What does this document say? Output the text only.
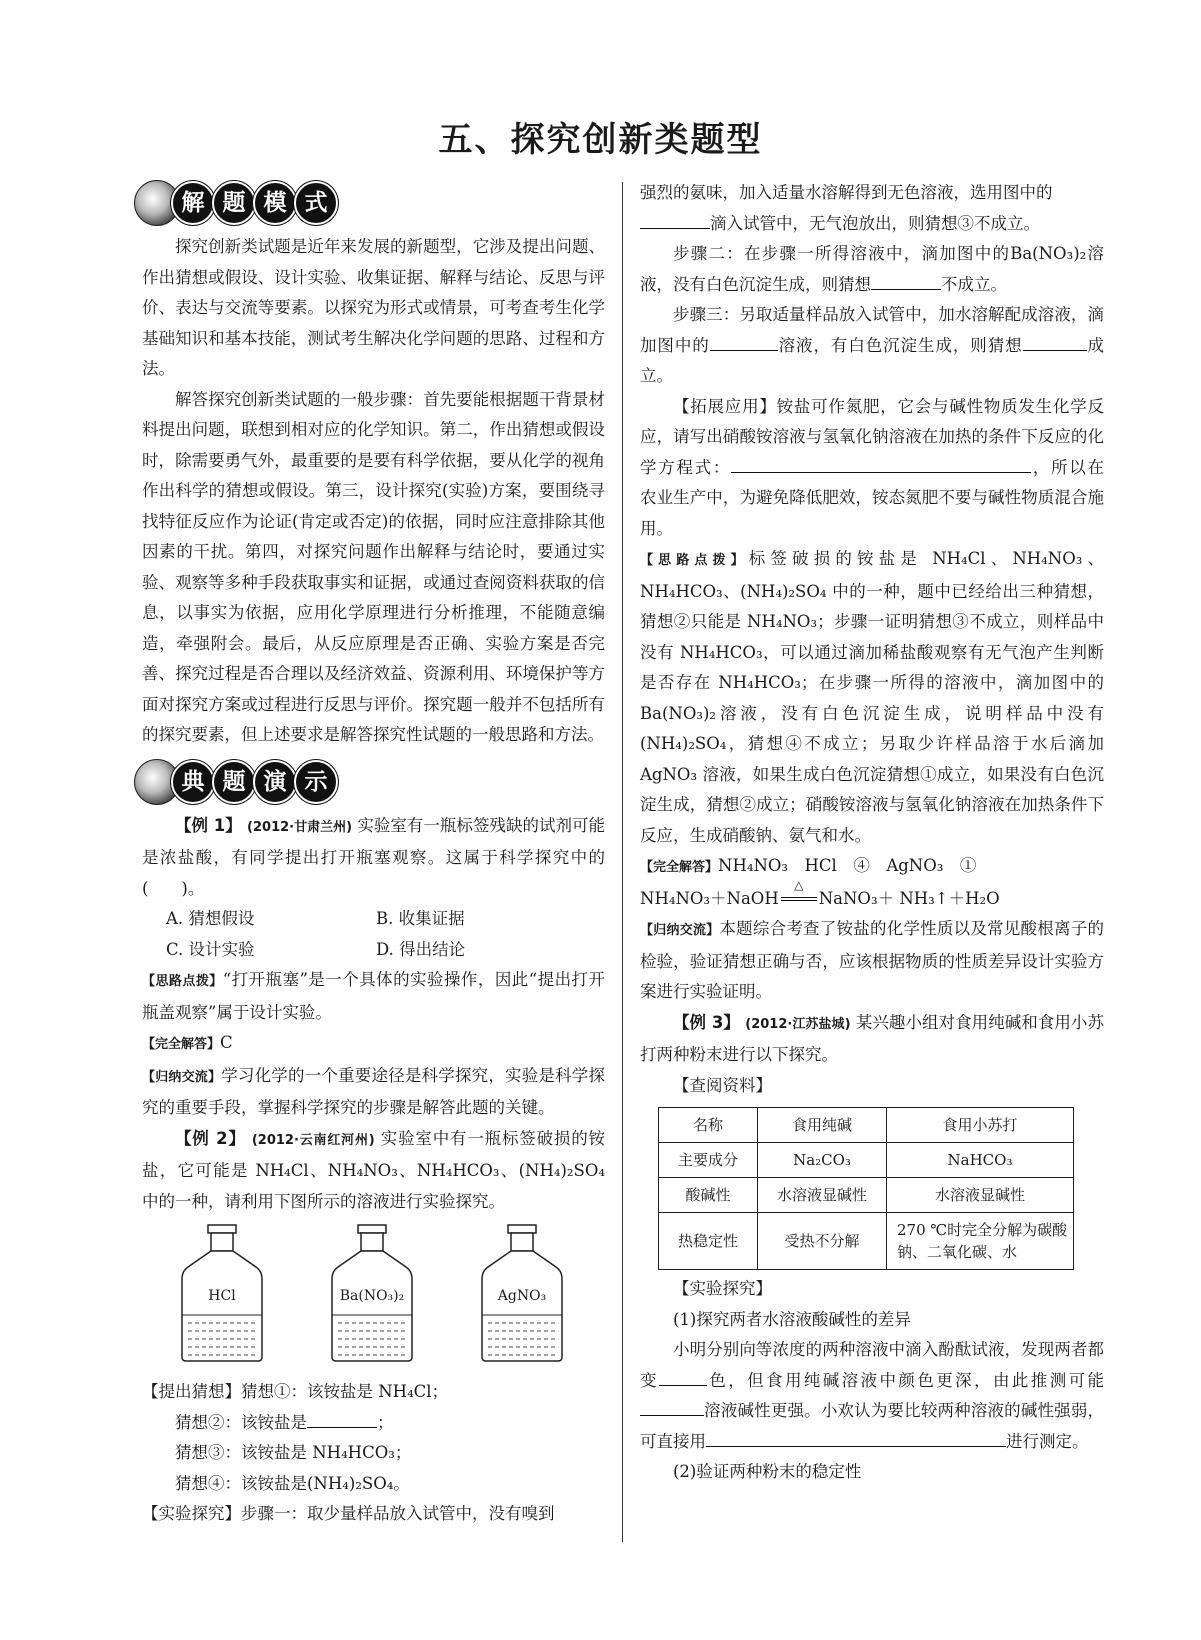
五、探究创新类题型
解 题 模 式

探究创新类试题是近年来发展的新题型，它涉及提出问题、作出猜想或假设、设计实验、收集证据、解释与结论、反思与评价、表达与交流等要素。以探究为形式或情景，可考查考生化学基础知识和基本技能，测试考生解决化学问题的思路、过程和方法。

解答探究创新类试题的一般步骤：首先要能根据题干背景材料提出问题，联想到相对应的化学知识。第二，作出猜想或假设时，除需要勇气外，最重要的是要有科学依据，要从化学的视角作出科学的猜想或假设。第三，设计探究(实验)方案，要围绕寻找特征反应作为论证(肯定或否定)的依据，同时应注意排除其他因素的干扰。第四，对探究问题作出解释与结论时，要通过实验、观察等多种手段获取事实和证据，或通过查阅资料获取的信息，以事实为依据，应用化学原理进行分析推理，不能随意编造，牵强附会。最后，从反应原理是否正确、实验方案是否完善、探究过程是否合理以及经济效益、资源利用、环境保护等方面对探究方案或过程进行反思与评价。探究题一般并不包括所有的探究要素，但上述要求是解答探究性试题的一般思路和方法。

典 题 演 示

【例 1】 (2012·甘肃兰州) 实验室有一瓶标签残缺的试剂可能是浓盐酸，有同学提出打开瓶塞观察。这属于科学探究中的(　　)。

A. 猜想假设	B. 收集证据
C. 设计实验	D. 得出结论

【思路点拨】“打开瓶塞”是一个具体的实验操作，因此“提出打开瓶盖观察”属于设计实验。

【完全解答】C

【归纳交流】学习化学的一个重要途径是科学探究，实验是科学探究的重要手段，掌握科学探究的步骤是解答此题的关键。

【例 2】 (2012·云南红河州) 实验室中有一瓶标签破损的铵盐，它可能是 NH₄Cl、NH₄NO₃、NH₄HCO₃、(NH₄)₂SO₄ 中的一种，请利用下图所示的溶液进行实验探究。

HCl	Ba(NO₃)₂	AgNO₃

【提出猜想】猜想①：该铵盐是 NH₄Cl；

猜想②：该铵盐是	；

猜想③：该铵盐是 NH₄HCO₃；

猜想④：该铵盐是(NH₄)₂SO₄。

【实验探究】步骤一：取少量样品放入试管中，没有嗅到

强烈的氨味，加入适量水溶解得到无色溶液，选用图中的

滴入试管中，无气泡放出，则猜想③不成立。

步骤二：在步骤一所得溶液中，滴加图中的Ba(NO₃)₂溶液，没有白色沉淀生成，则猜想	不成立。

步骤三：另取适量样品放入试管中，加水溶解配成溶液，滴加图中的	溶液，有白色沉淀生成，则猜想	成立。

【拓展应用】铵盐可作氮肥，它会与碱性物质发生化学反应，请写出硝酸铵溶液与氢氧化钠溶液在加热的条件下反应的化学方程式：	，所以在农业生产中，为避免降低肥效，铵态氮肥不要与碱性物质混合施用。

【思路点拨】标签破损的铵盐是 NH₄Cl、NH₄NO₃、NH₄HCO₃、(NH₄)₂SO₄ 中的一种，题中已经给出三种猜想，猜想②只能是 NH₄NO₃；步骤一证明猜想③不成立，则样品中没有 NH₄HCO₃，可以通过滴加稀盐酸观察有无气泡产生判断是否存在 NH₄HCO₃；在步骤一所得的溶液中，滴加图中的Ba(NO₃)₂溶液，没有白色沉淀生成，说明样品中没有(NH₄)₂SO₄，猜想④不成立；另取少许样品溶于水后滴加 AgNO₃ 溶液，如果生成白色沉淀猜想①成立，如果没有白色沉淀生成，猜想②成立；硝酸铵溶液与氢氧化钠溶液在加热条件下反应，生成硝酸钠、氨气和水。

【完全解答】NH₄NO₃　HCl　④　AgNO₃　①

NH₄NO₃＋NaOH
△
NaNO₃＋ NH₃↑＋H₂O

【归纳交流】本题综合考查了铵盐的化学性质以及常见酸根离子的检验，验证猜想正确与否，应该根据物质的性质差异设计实验方案进行实验证明。

【例 3】 (2012·江苏盐城) 某兴趣小组对食用纯碱和食用小苏打两种粉末进行以下探究。

【查阅资料】

名称	食用纯碱	食用小苏打
主要成分	Na₂CO₃	NaHCO₃
酸碱性	水溶液显碱性	水溶液显碱性
热稳定性	受热不分解	270 ℃时完全分解为碳酸钠、二氧化碳、水

【实验探究】

(1)探究两者水溶液酸碱性的差异

小明分别向等浓度的两种溶液中滴入酚酞试液，发现两者都变	色，但食用纯碱溶液中颜色更深，由此推测可能溶液碱性更强。小欢认为要比较两种溶液的碱性强弱，可直接用	进行测定。

(2)验证两种粉末的稳定性
